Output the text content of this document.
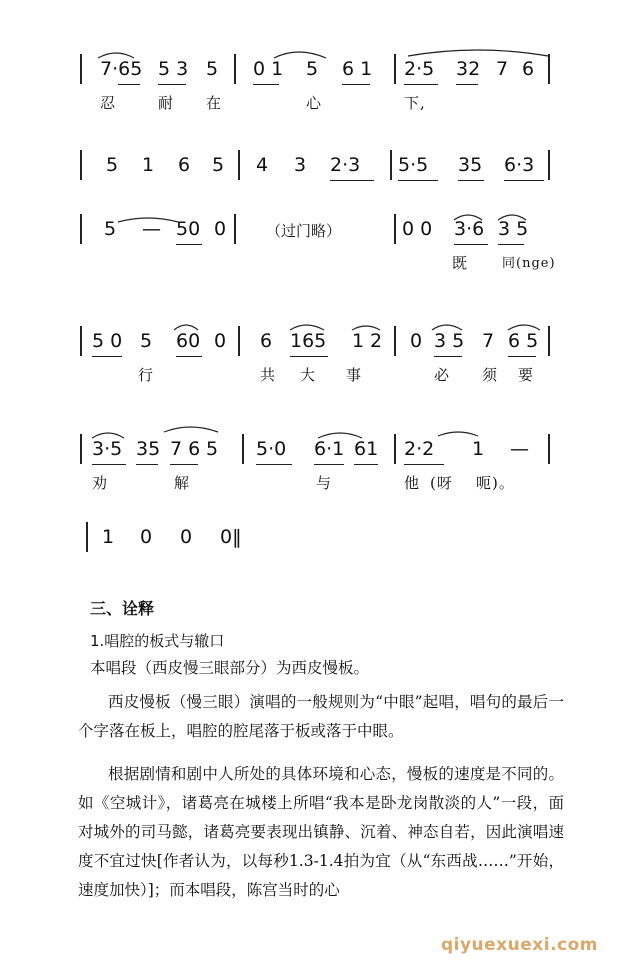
7·65 5 3 5 0 1 5 6 1 2·5 32 7 6
忍	耐 在	心	下,
5 1 6 5 4 3 2·3 5·5 35 6·3
5 — 50 0	（过门略）	0 0 3·6 3 5
既	同(nge)
5 0 5 60 0 6 165 1 2 0 3 5 7 6 5
行	共 大 事	必 须 要
3·5 35 7 6 5 5·0 6·1 61 2·2 1 —
劝	解	与	他 (呀 呃)。
1 0 0 0‖
三、诠释
1.唱腔的板式与辙口
本唱段（西皮慢三眼部分）为西皮慢板。
西皮慢板（慢三眼）演唱的一般规则为“中眼”起唱，唱句的最后一个字落在板上，唱腔的腔尾落于板或落于中眼。
根据剧情和剧中人所处的具体环境和心态，慢板的速度是不同的。如《空城计》，诸葛亮在城楼上所唱“我本是卧龙岗散淡的人”一段，面对城外的司马懿，诸葛亮要表现出镇静、沉着、神态自若，因此演唱速度不宜过快[作者认为，以每秒1.3-1.4拍为宜（从“东西战……”开始，速度加快）]；而本唱段，陈宫当时的心
qiyuexuexi.com
